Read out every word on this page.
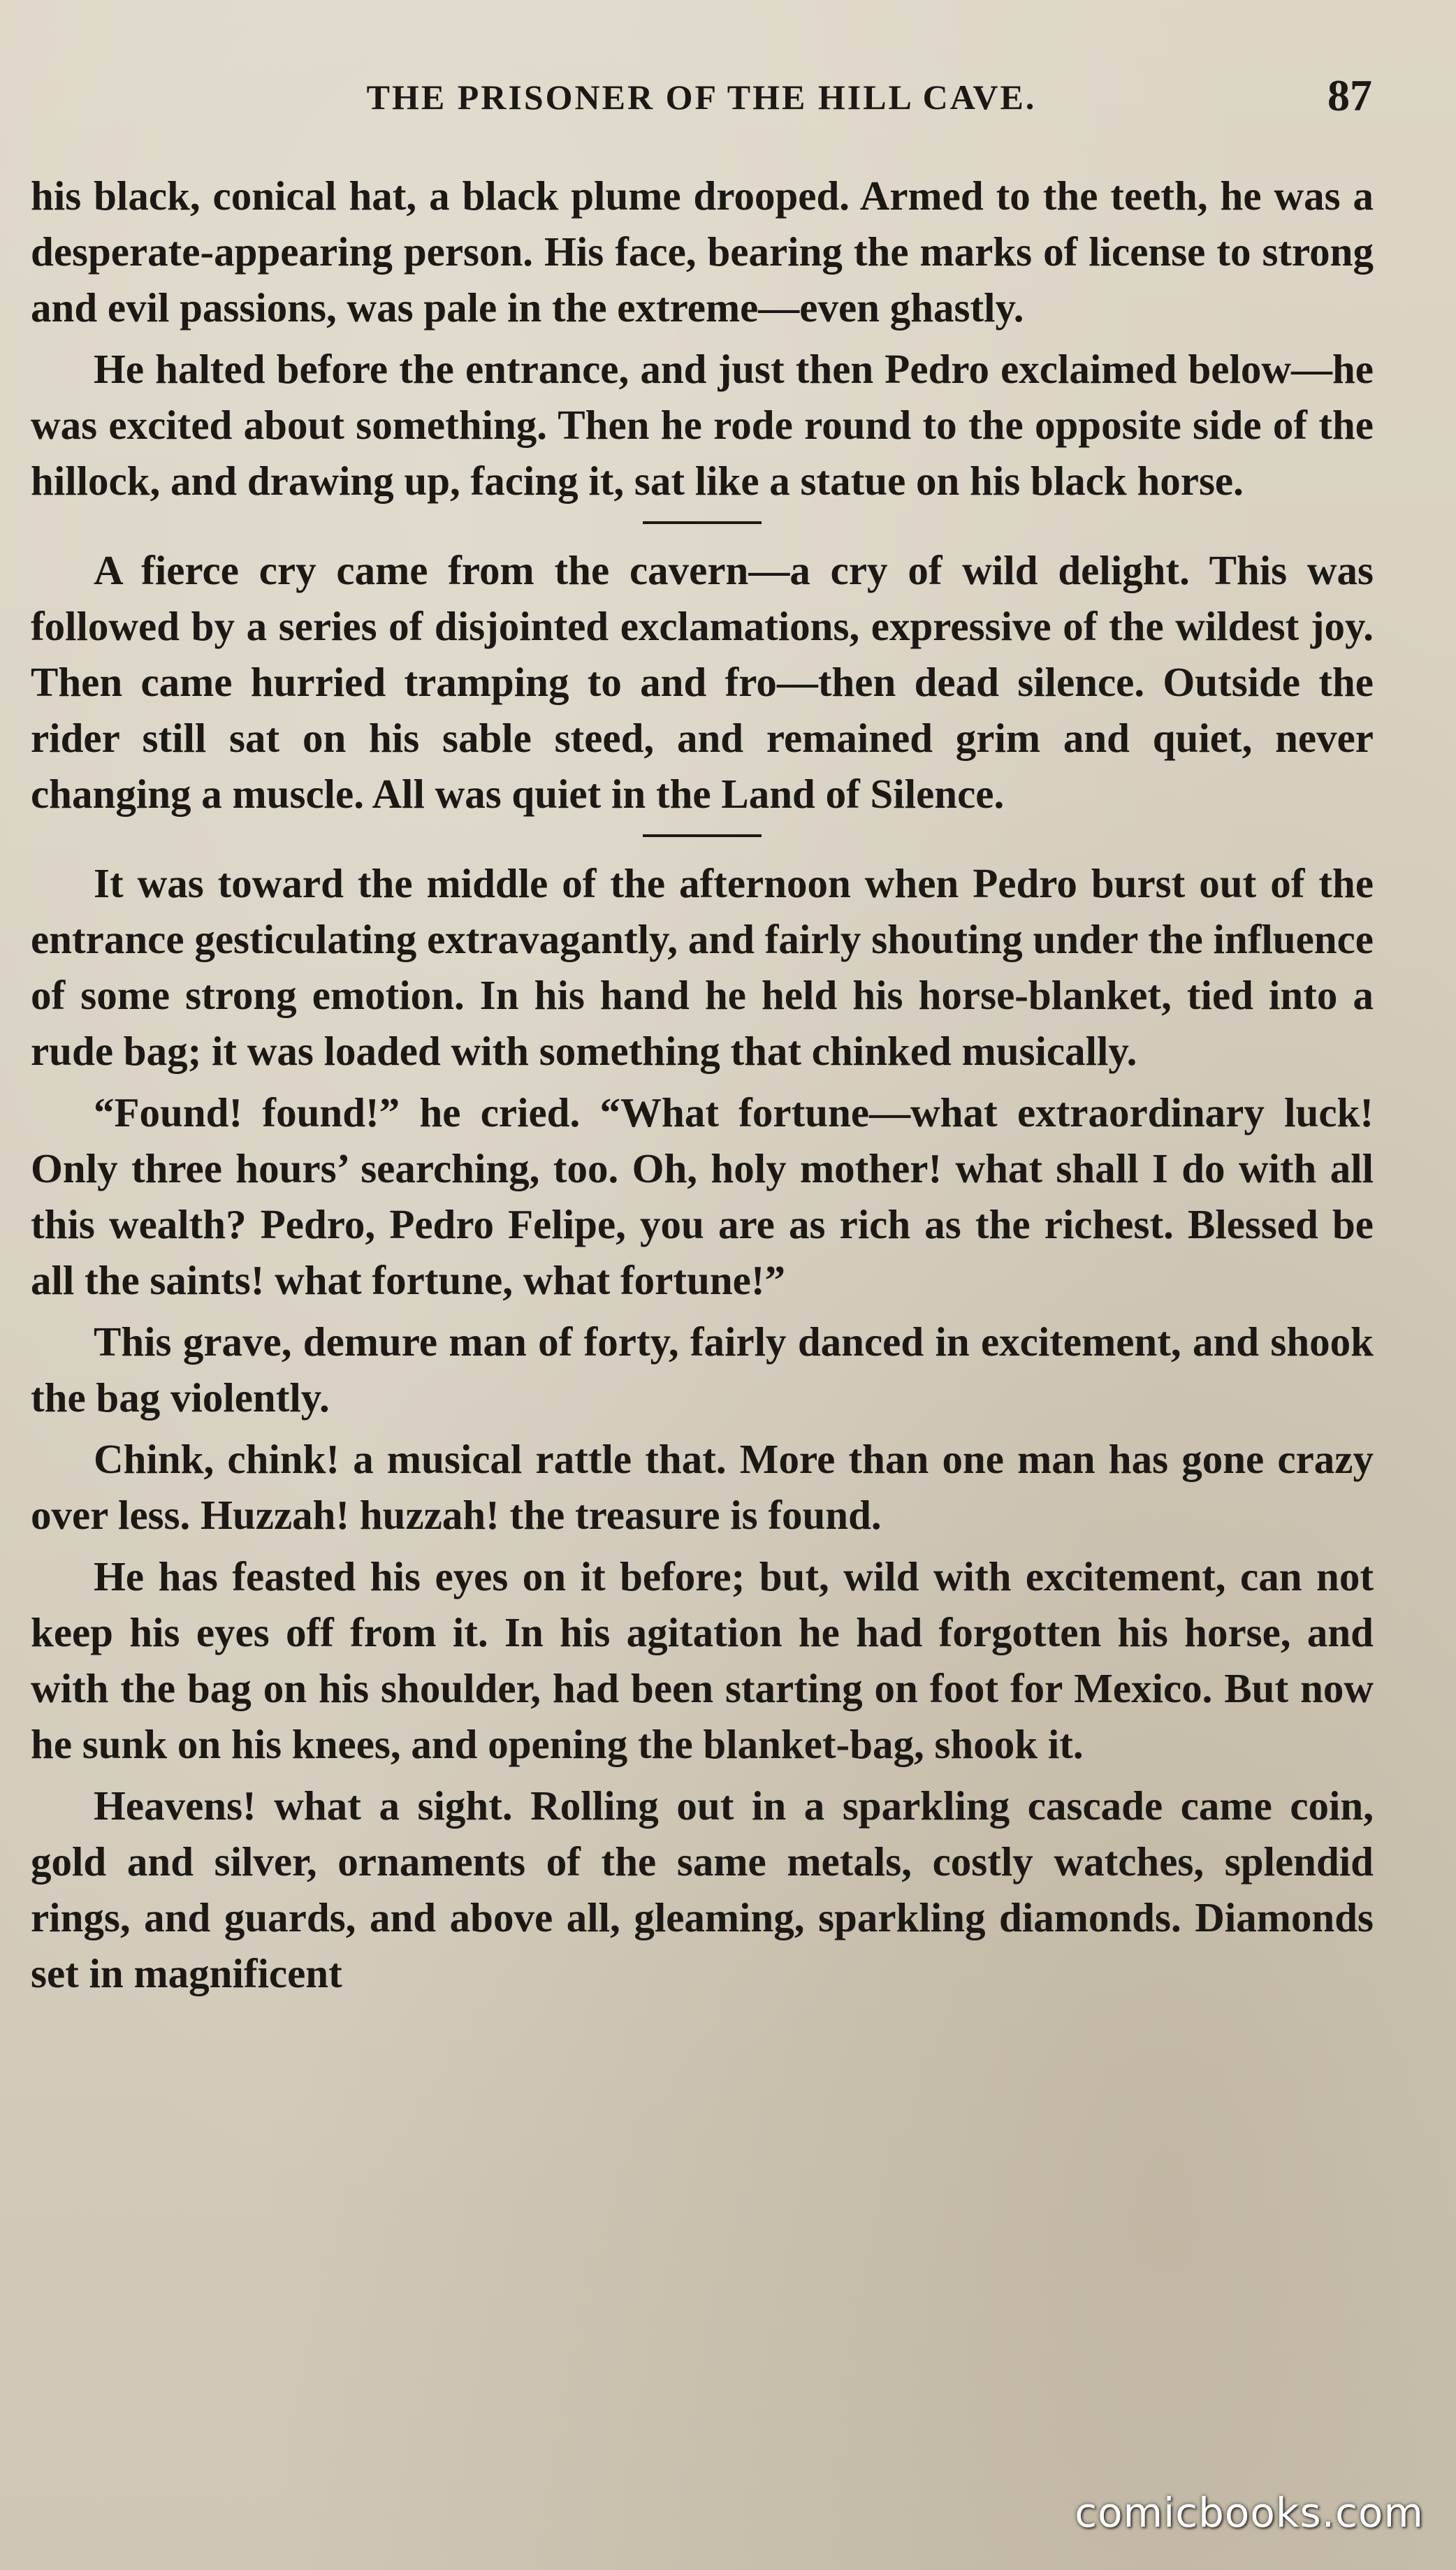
THE PRISONER OF THE HILL CAVE.	87

his black, conical hat, a black plume drooped. Armed to the teeth, he was a desperate-appearing person. His face, bearing the marks of license to strong and evil passions, was pale in the extreme—even ghastly.

He halted before the entrance, and just then Pedro exclaimed below—he was excited about something. Then he rode round to the opposite side of the hillock, and drawing up, facing it, sat like a statue on his black horse.

A fierce cry came from the cavern—a cry of wild delight. This was followed by a series of disjointed exclamations, expressive of the wildest joy. Then came hurried tramping to and fro—then dead silence. Outside the rider still sat on his sable steed, and remained grim and quiet, never changing a muscle. All was quiet in the Land of Silence.

It was toward the middle of the afternoon when Pedro burst out of the entrance gesticulating extravagantly, and fairly shouting under the influence of some strong emotion. In his hand he held his horse-blanket, tied into a rude bag; it was loaded with something that chinked musically.

“Found! found!” he cried. “What fortune—what extraordinary luck! Only three hours’ searching, too. Oh, holy mother! what shall I do with all this wealth? Pedro, Pedro Felipe, you are as rich as the richest. Blessed be all the saints! what fortune, what fortune!”

This grave, demure man of forty, fairly danced in excitement, and shook the bag violently.

Chink, chink! a musical rattle that. More than one man has gone crazy over less. Huzzah! huzzah! the treasure is found.

He has feasted his eyes on it before; but, wild with excitement, can not keep his eyes off from it. In his agitation he had forgotten his horse, and with the bag on his shoulder, had been starting on foot for Mexico. But now he sunk on his knees, and opening the blanket-bag, shook it.

Heavens! what a sight. Rolling out in a sparkling cascade came coin, gold and silver, ornaments of the same metals, costly watches, splendid rings, and guards, and above all, gleaming, sparkling diamonds. Diamonds set in magnificent

comicbooks.com
